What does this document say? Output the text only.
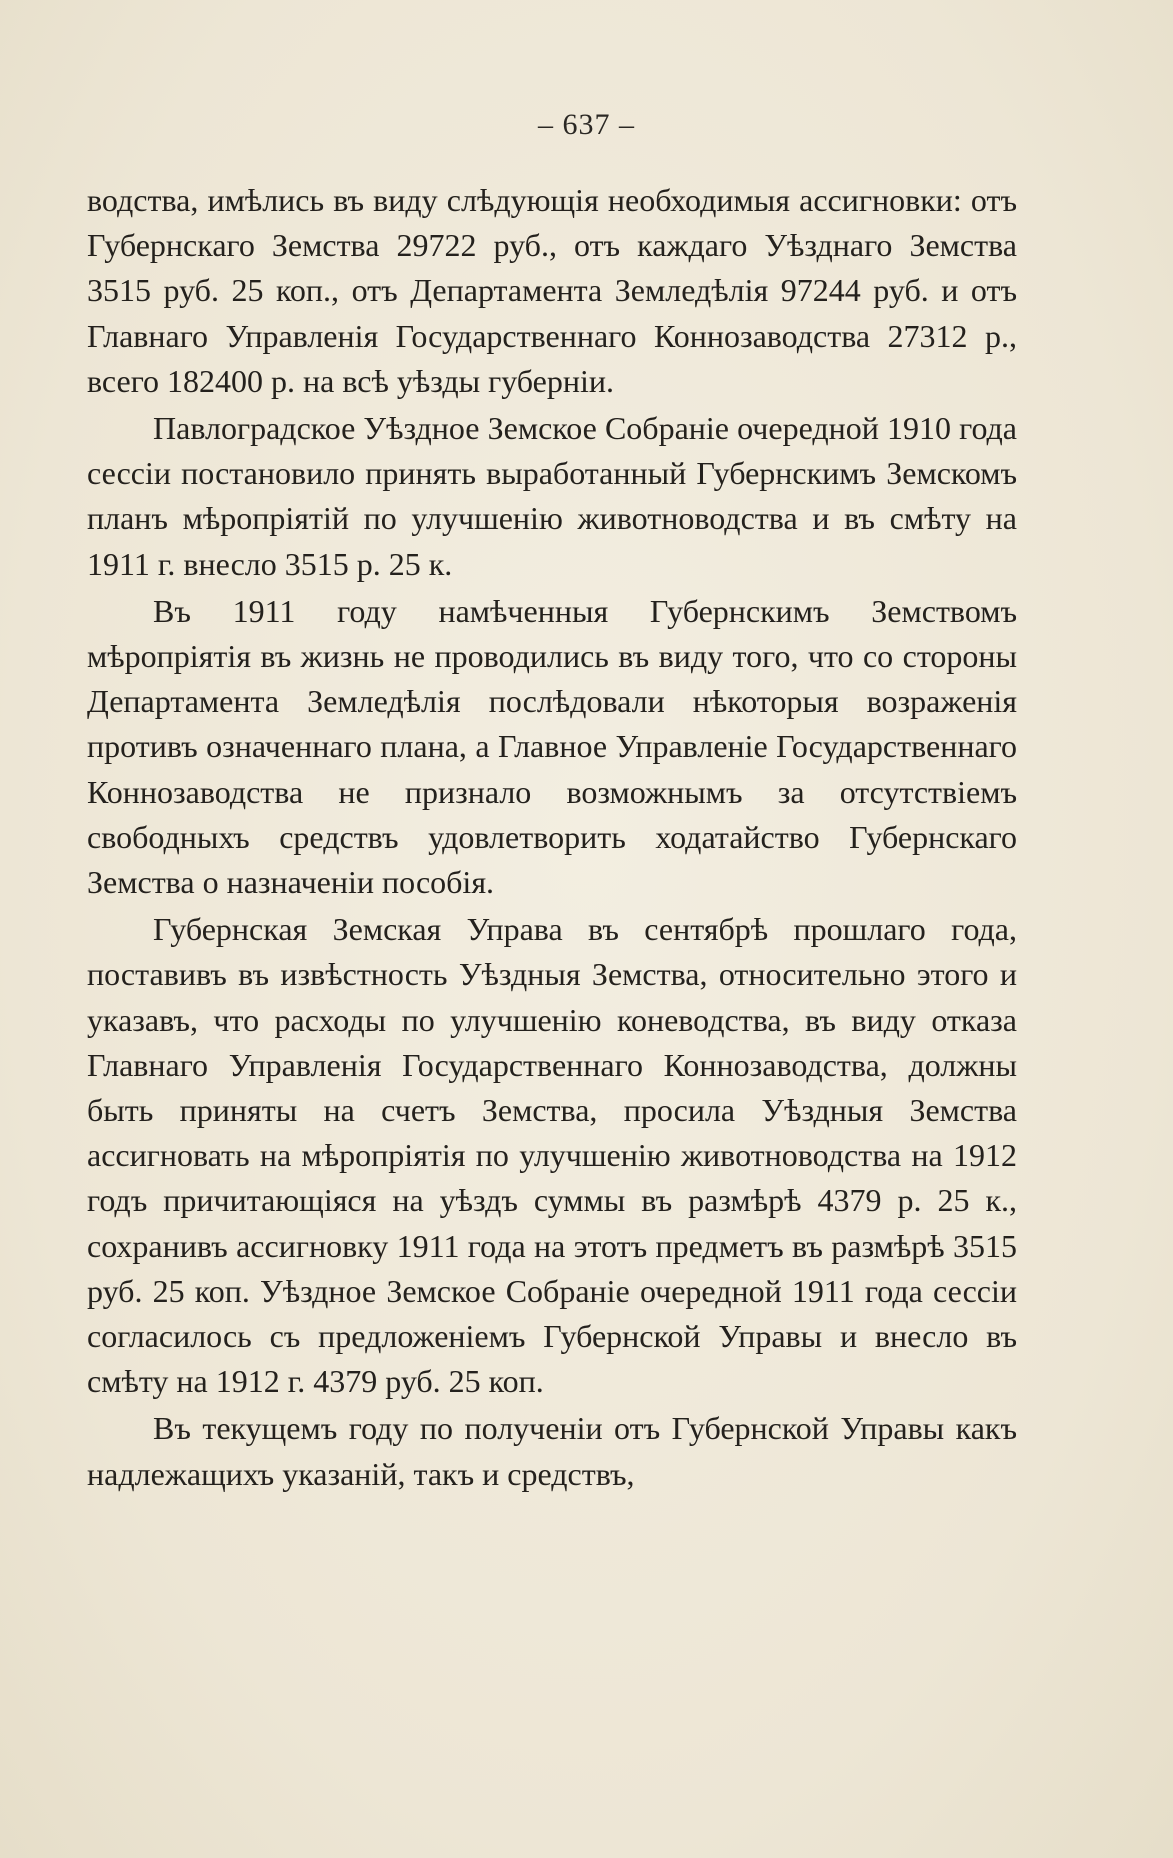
– 637 –

водства, имѣлись въ виду слѣдующія необходимыя ассигновки: отъ Губернскаго Земства 29722 руб., отъ каждаго Уѣзднаго Земства 3515 руб. 25 коп., отъ Департамента Земледѣлія 97244 руб. и отъ Главнаго Управленія Государственнаго Коннозаводства 27312 р., всего 182400 р. на всѣ уѣзды губерніи.

Павлоградское Уѣздное Земское Собраніе очередной 1910 года сессіи постановило принять выработанный Губернскимъ Земскомъ планъ мѣропріятій по улучшенію животноводства и въ смѣту на 1911 г. внесло 3515 р. 25 к.

Въ 1911 году намѣченныя Губернскимъ Земствомъ мѣропріятія въ жизнь не проводились въ виду того, что со стороны Департамента Земледѣлія послѣдовали нѣкоторыя возраженія противъ означеннаго плана, а Главное Управленіе Государственнаго Коннозаводства не признало возможнымъ за отсутствіемъ свободныхъ средствъ удовлетворить ходатайство Губернскаго Земства о назначеніи пособія.

Губернская Земская Управа въ сентябрѣ прошлаго года, поставивъ въ извѣстность Уѣздныя Земства, относительно этого и указавъ, что расходы по улучшенію коневодства, въ виду отказа Главнаго Управленія Государственнаго Коннозаводства, должны быть приняты на счетъ Земства, просила Уѣздныя Земства ассигновать на мѣропріятія по улучшенію животноводства на 1912 годъ причитающіяся на уѣздъ суммы въ размѣрѣ 4379 р. 25 к., сохранивъ ассигновку 1911 года на этотъ предметъ въ размѣрѣ 3515 руб. 25 коп. Уѣздное Земское Собраніе очередной 1911 года сессіи согласилось съ предложеніемъ Губернской Управы и внесло въ смѣту на 1912 г. 4379 руб. 25 коп.

Въ текущемъ году по полученіи отъ Губернской Управы какъ надлежащихъ указаній, такъ и средствъ,
